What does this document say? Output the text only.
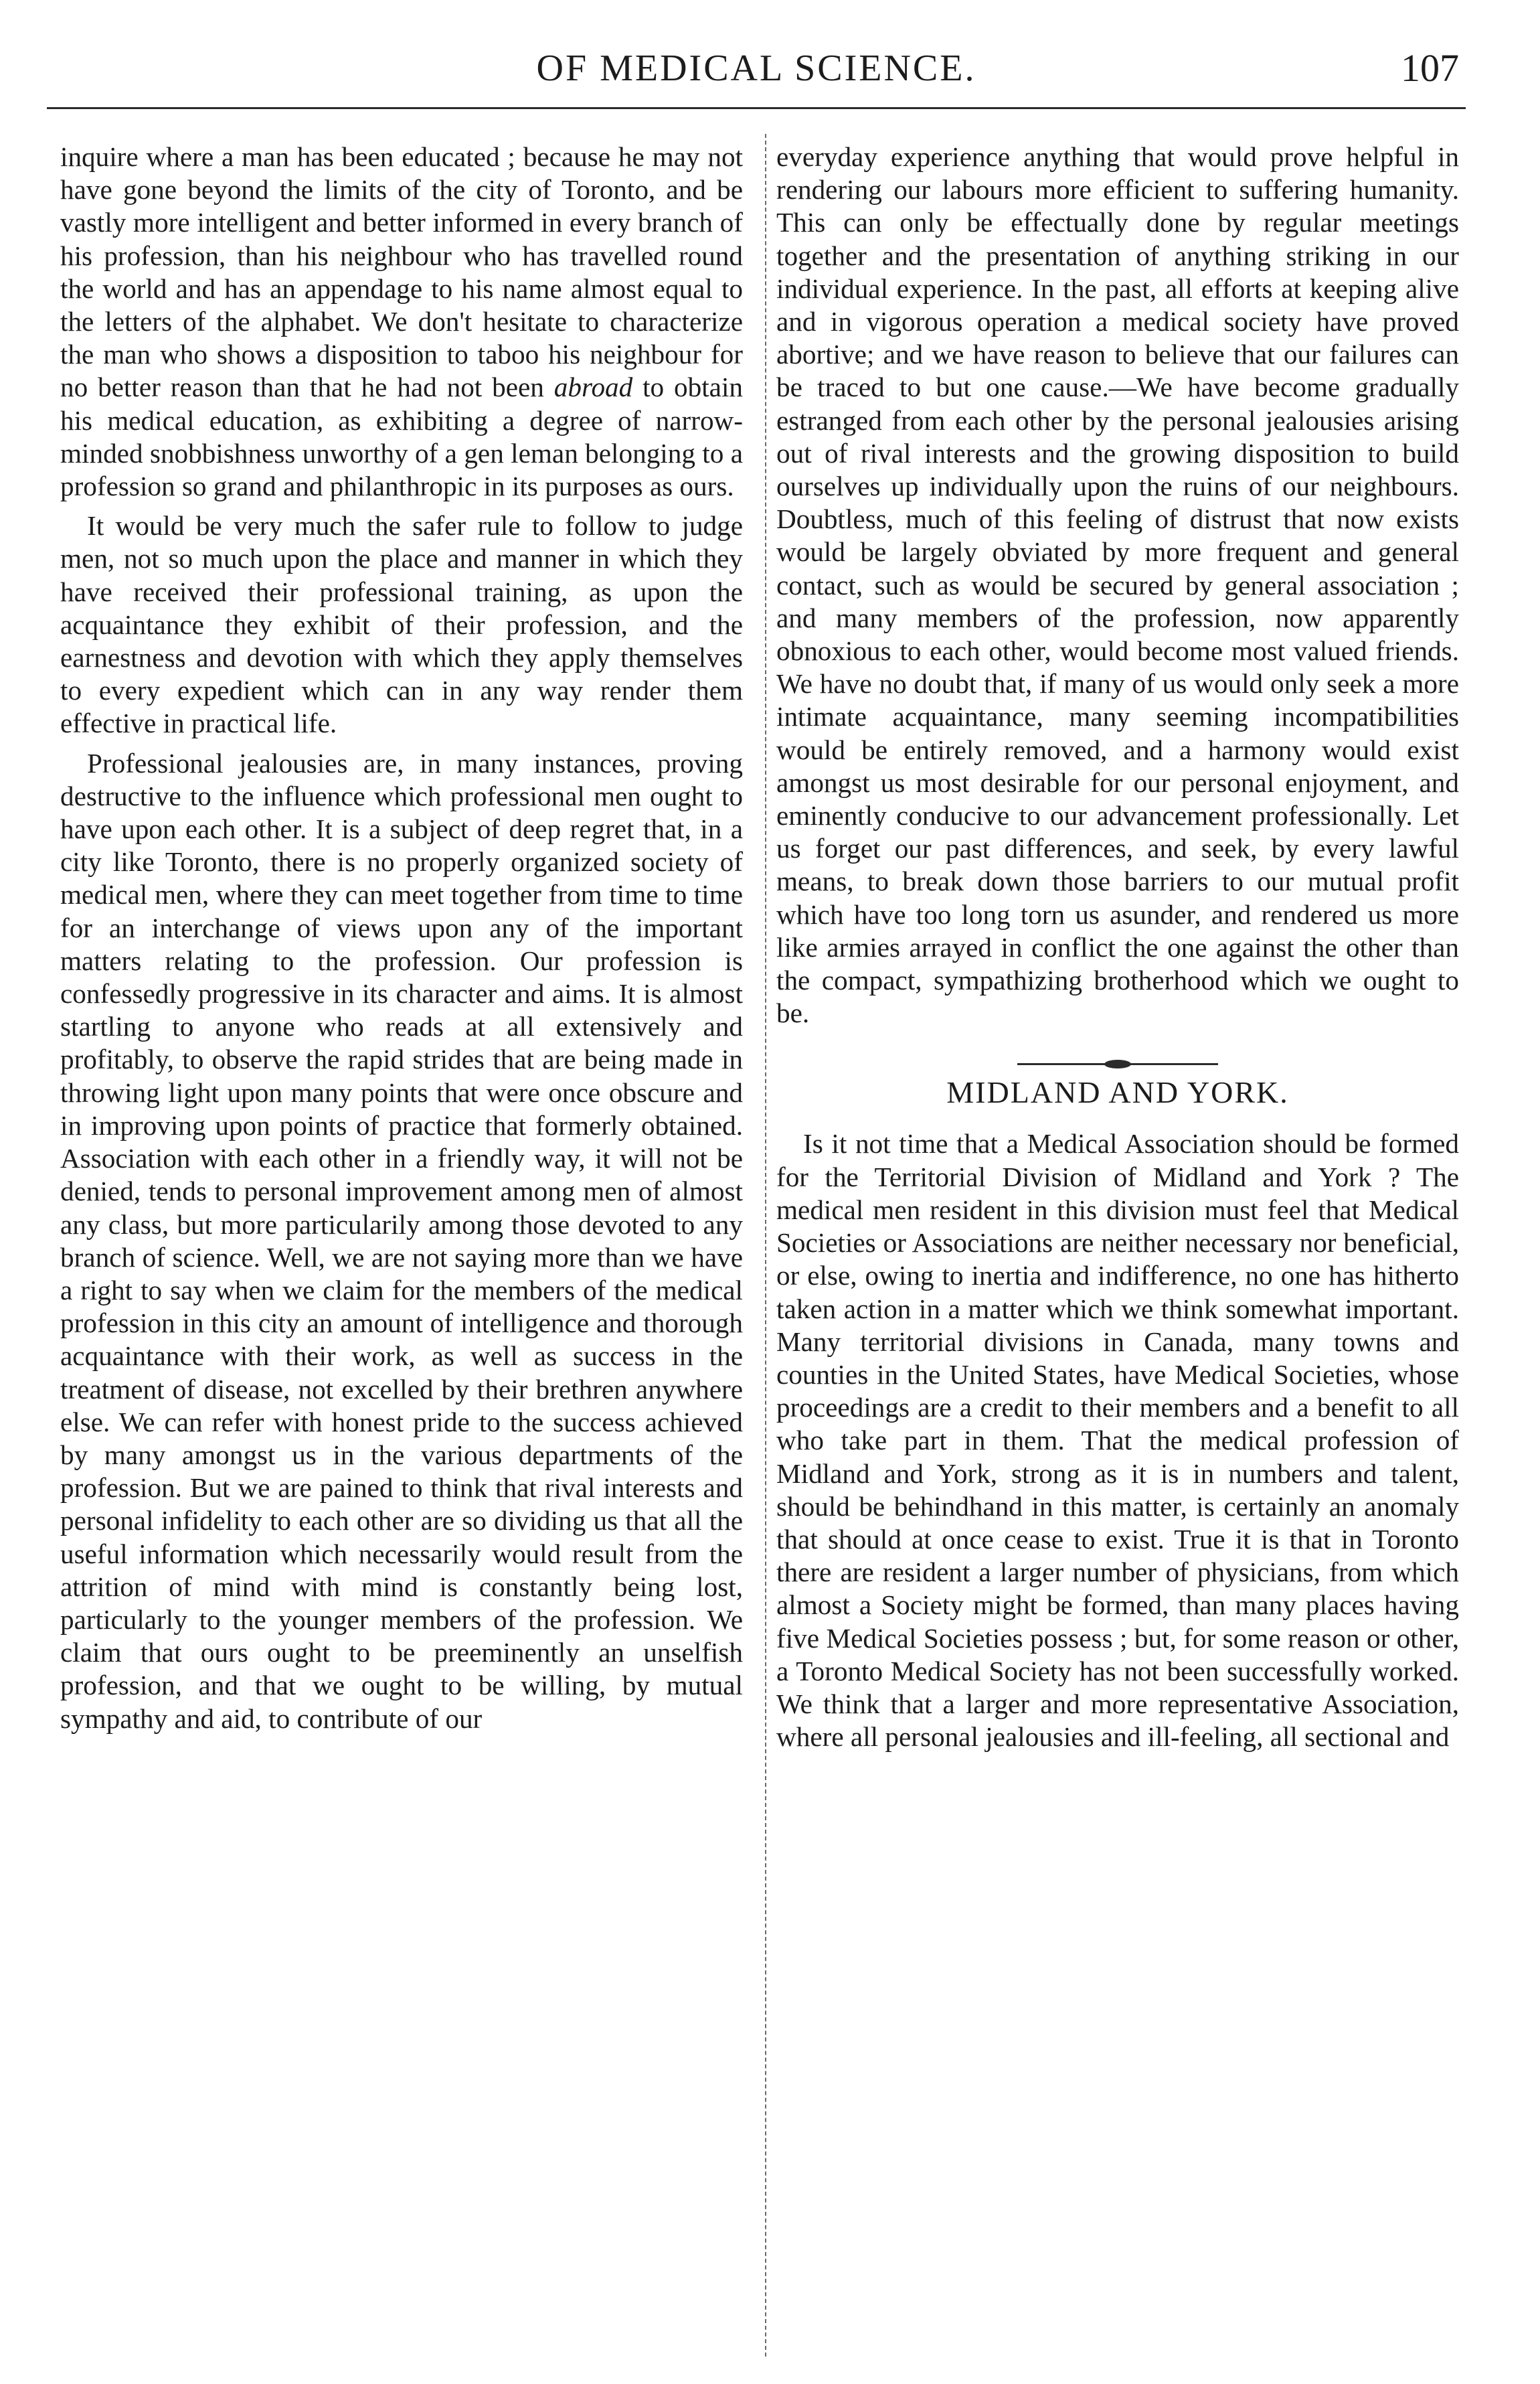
OF MEDICAL SCIENCE.	107

inquire where a man has been educated ; because he may not have gone beyond the limits of the city of Toronto, and be vastly more intelligent and better informed in every branch of his profession, than his neighbour who has travelled round the world and has an appendage to his name almost equal to the letters of the alphabet. We don't hesitate to characterize the man who shows a disposition to taboo his neighbour for no better reason than that he had not been abroad to obtain his medical education, as exhibiting a degree of narrow-minded snobbishness unworthy of a gen leman belonging to a profession so grand and philanthropic in its purposes as ours.

It would be very much the safer rule to follow to judge men, not so much upon the place and manner in which they have received their professional training, as upon the acquaintance they exhibit of their profession, and the earnestness and devotion with which they apply themselves to every expedient which can in any way render them effective in practical life.

Professional jealousies are, in many instances, proving destructive to the influence which professional men ought to have upon each other. It is a subject of deep regret that, in a city like Toronto, there is no properly organized society of medical men, where they can meet together from time to time for an interchange of views upon any of the important matters relating to the profession. Our profession is confessedly progressive in its character and aims. It is almost startling to anyone who reads at all extensively and profitably, to observe the rapid strides that are being made in throwing light upon many points that were once obscure and in improving upon points of practice that formerly obtained. Association with each other in a friendly way, it will not be denied, tends to personal improvement among men of almost any class, but more particularily among those devoted to any branch of science. Well, we are not saying more than we have a right to say when we claim for the members of the medical profession in this city an amount of intelligence and thorough acquaintance with their work, as well as success in the treatment of disease, not excelled by their brethren anywhere else. We can refer with honest pride to the success achieved by many amongst us in the various departments of the profession. But we are pained to think that rival interests and personal infidelity to each other are so dividing us that all the useful information which necessarily would result from the attrition of mind with mind is constantly being lost, particularly to the younger members of the profession. We claim that ours ought to be preeminently an unselfish profession, and that we ought to be willing, by mutual sympathy and aid, to contribute of our

everyday experience anything that would prove helpful in rendering our labours more efficient to suffering humanity. This can only be effectually done by regular meetings together and the presentation of anything striking in our individual experience. In the past, all efforts at keeping alive and in vigorous operation a medical society have proved abortive; and we have reason to believe that our failures can be traced to but one cause.—We have become gradually estranged from each other by the personal jealousies arising out of rival interests and the growing disposition to build ourselves up individually upon the ruins of our neighbours. Doubtless, much of this feeling of distrust that now exists would be largely obviated by more frequent and general contact, such as would be secured by general association ; and many members of the profession, now apparently obnoxious to each other, would become most valued friends. We have no doubt that, if many of us would only seek a more intimate acquaintance, many seeming incompatibilities would be entirely removed, and a harmony would exist amongst us most desirable for our personal enjoyment, and eminently conducive to our advancement professionally. Let us forget our past differences, and seek, by every lawful means, to break down those barriers to our mutual profit which have too long torn us asunder, and rendered us more like armies arrayed in conflict the one against the other than the compact, sympathizing brotherhood which we ought to be.

MIDLAND AND YORK.

Is it not time that a Medical Association should be formed for the Territorial Division of Midland and York ? The medical men resident in this division must feel that Medical Societies or Associations are neither necessary nor beneficial, or else, owing to inertia and indifference, no one has hitherto taken action in a matter which we think somewhat important. Many territorial divisions in Canada, many towns and counties in the United States, have Medical Societies, whose proceedings are a credit to their members and a benefit to all who take part in them. That the medical profession of Midland and York, strong as it is in numbers and talent, should be behindhand in this matter, is certainly an anomaly that should at once cease to exist. True it is that in Toronto there are resident a larger number of physicians, from which almost a Society might be formed, than many places having five Medical Societies possess ; but, for some reason or other, a Toronto Medical Society has not been successfully worked. We think that a larger and more representative Association, where all personal jealousies and ill-feeling, all sectional and
